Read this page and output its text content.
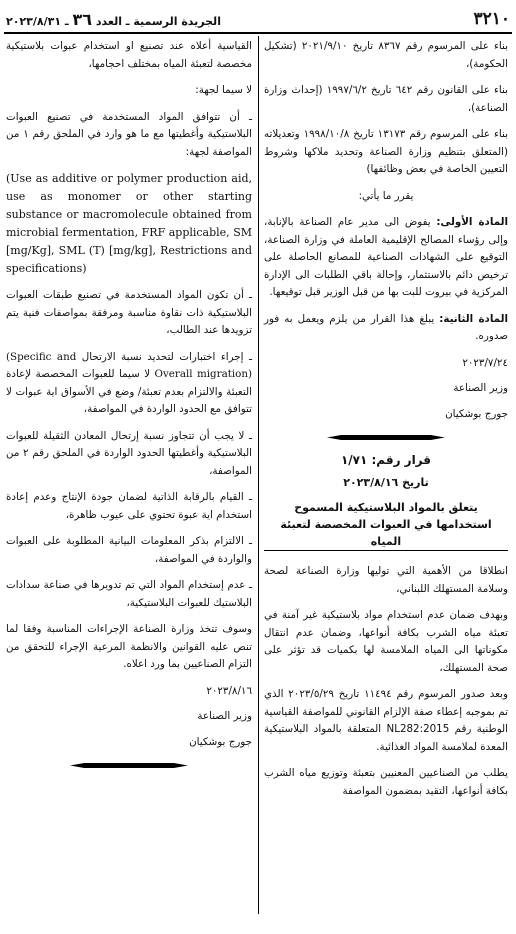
٣٢١٠
الجريدة الرسمية ـ العدد ٣٦ ـ ٢٠٢٣/٨/٣١

بناء على المرسوم رقم ٨٣٦٧ تاريخ ٢٠٢١/٩/١٠ (تشكيل الحكومة)،

بناء على القانون رقم ٦٤٢ تاريخ ١٩٩٧/٦/٢ (إحداث وزارة الصناعة)،

بناء على المرسوم رقم ١٣١٧٣ تاريخ ١٩٩٨/١٠/٨ وتعديلاته (المتعلق بتنظيم وزارة الصناعة وتحديد ملاكها وشروط التعيين الخاصة في بعض وظائفها)

يقرر ما يأتي:

المادة الأولى: يفوض الى مدير عام الصناعة بالإنابة، وإلى رؤساء المصالح الإقليمية العاملة في وزارة الصناعة، التوقيع على الشهادات الصناعية للمصانع الحاصلة على ترخيص دائم بالاستثمار، وإحالة باقي الطلبات الى الإدارة المركزية في بيروت للبت بها من قبل الوزير قبل توقيعها.

المادة الثانية: يبلغ هذا القرار من يلزم ويعمل به فور صدوره.

٢٠٢٣/٧/٢٤

وزير الصناعة

جورج بوشكيان

قرار رقم: ١/٧١
تاريخ ٢٠٢٣/٨/١٦
يتعلق بالمواد البلاستيكية المسموح
استخدامها في العبوات المخصصة لتعبئة المياه

انطلاقا من الأهمية التي توليها وزارة الصناعة لصحة وسلامة المستهلك اللبناني،

وبهدف ضمان عدم استخدام مواد بلاستيكية غير آمنة في تعبئة مياه الشرب بكافة أنواعها، وضمان عدم انتقال مكوناتها الى المياه الملامسة لها بكميات قد تؤثر على صحة المستهلك،

وبعد صدور المرسوم رقم ١١٤٩٤ تاريخ ٢٠٢٣/٥/٢٩ الذي تم بموجبه إعطاء صفة الإلزام القانوني للمواصفة القياسية الوطنية رقم NL282:2015 المتعلقة بالمواد البلاستيكية المعدة لملامسة المواد الغذائية.

يطلب من الصناعيين المعنيين بتعبئة وتوزيع مياه الشرب بكافة أنواعها، التقيد بمضمون المواصفة

القياسية أعلاه عند تصنيع او استخدام عبوات بلاستيكية مخصصة لتعبئة المياه بمختلف احجامها،

لا سيما لجهة:

ـ أن تتوافق المواد المستخدمة في تصنيع العبوات البلاستيكية وأغطيتها مع ما هو وارد في الملحق رقم ١ من المواصفة لجهة:

(Use as additive or polymer production aid, use as monomer or other starting substance or macromolecule obtained from microbial fermentation, FRF applicable, SM [mg/Kg], SML (T) [mg/kg], Restrictions and specifications)

ـ أن تكون المواد المستخدمة في تصنيع طبقات العبوات البلاستيكية ذات نقاوة مناسبة ومرفقة بمواصفات فنية يتم تزويدها عند الطالب،

ـ إجراء اختبارات لتحديد نسبة الارتحال (Specific and Overall migration) لا سيما للعبوات المخصصة لإعادة التعبئة والالتزام بعدم تعبئة/ وضع في الأسواق اية عبوات لا تتوافق مع الحدود الواردة في المواصفة،

ـ لا يجب أن تتجاوز نسبة إرتحال المعادن الثقيلة للعبوات البلاستيكية وأغطيتها الحدود الواردة في الملحق رقم ٢ من المواصفة،

ـ القيام بالرقابة الذاتية لضمان جودة الإنتاج وعدم إعادة استخدام اية عبوة تحتوي على عيوب ظاهرة،

ـ الالتزام بذكر المعلومات البيانية المطلوبة على العبوات والواردة في المواصفة،

ـ عدم إستخدام المواد التي تم تدويرها في صناعة سدادات البلاستيك للعبوات البلاستيكية،

وسوف تتخذ وزارة الصناعة الإجراءات المناسبة وفقا لما تنص عليه القوانين والانظمة المرعية الإجراء للتحقق من التزام الصناعيين بما ورد اعلاه.

٢٠٢٣/٨/١٦

وزير الصناعة

جورج بوشكيان
